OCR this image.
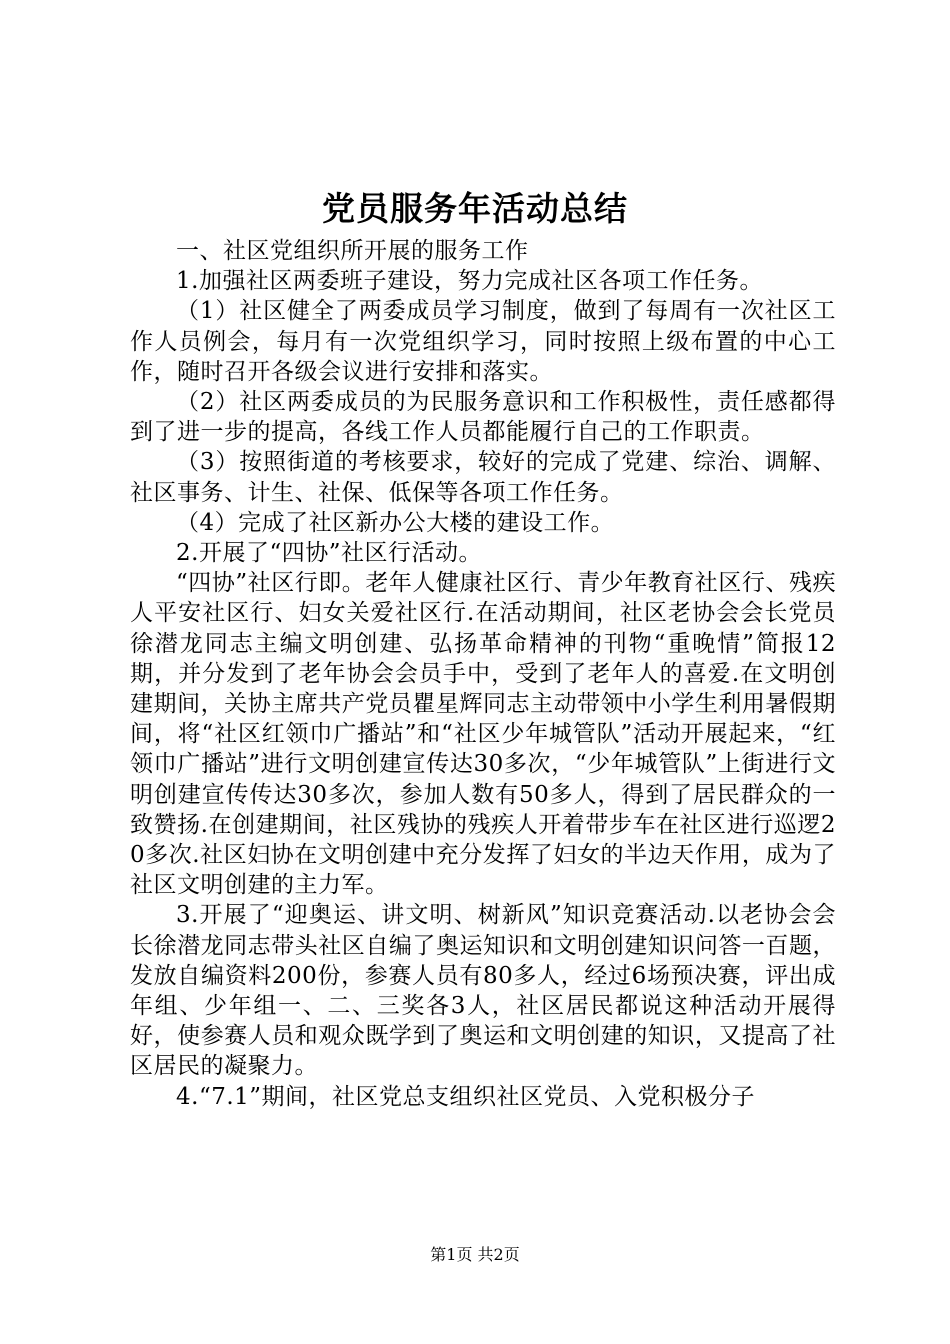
党员服务年活动总结

一、社区党组织所开展的服务工作

1.加强社区两委班子建设，努力完成社区各项工作任务。

（1）社区健全了两委成员学习制度，做到了每周有一次社区工作人员例会，每月有一次党组织学习，同时按照上级布置的中心工作，随时召开各级会议进行安排和落实。

（2）社区两委成员的为民服务意识和工作积极性，责任感都得到了进一步的提高，各线工作人员都能履行自己的工作职责。

（3）按照街道的考核要求，较好的完成了党建、综治、调解、社区事务、计生、社保、低保等各项工作任务。

（4）完成了社区新办公大楼的建设工作。

2.开展了“四协”社区行活动。

“四协”社区行即。老年人健康社区行、青少年教育社区行、残疾人平安社区行、妇女关爱社区行.在活动期间，社区老协会会长党员徐潜龙同志主编文明创建、弘扬革命精神的刊物“重晚情”简报12期，并分发到了老年协会会员手中，受到了老年人的喜爱.在文明创建期间，关协主席共产党员瞿星辉同志主动带领中小学生利用暑假期间，将“社区红领巾广播站”和“社区少年城管队”活动开展起来，“红领巾广播站”进行文明创建宣传达30多次，“少年城管队”上街进行文明创建宣传传达30多次，参加人数有50多人，得到了居民群众的一致赞扬.在创建期间，社区残协的残疾人开着带步车在社区进行巡逻20多次.社区妇协在文明创建中充分发挥了妇女的半边天作用，成为了社区文明创建的主力军。

3.开展了“迎奥运、讲文明、树新风”知识竞赛活动.以老协会会长徐潜龙同志带头社区自编了奥运知识和文明创建知识问答一百题，发放自编资料200份，参赛人员有80多人，经过6场预决赛，评出成年组、少年组一、二、三奖各3人，社区居民都说这种活动开展得好，使参赛人员和观众既学到了奥运和文明创建的知识，又提高了社区居民的凝聚力。

4.“7.1”期间，社区党总支组织社区党员、入党积极分子

第1页 共2页
